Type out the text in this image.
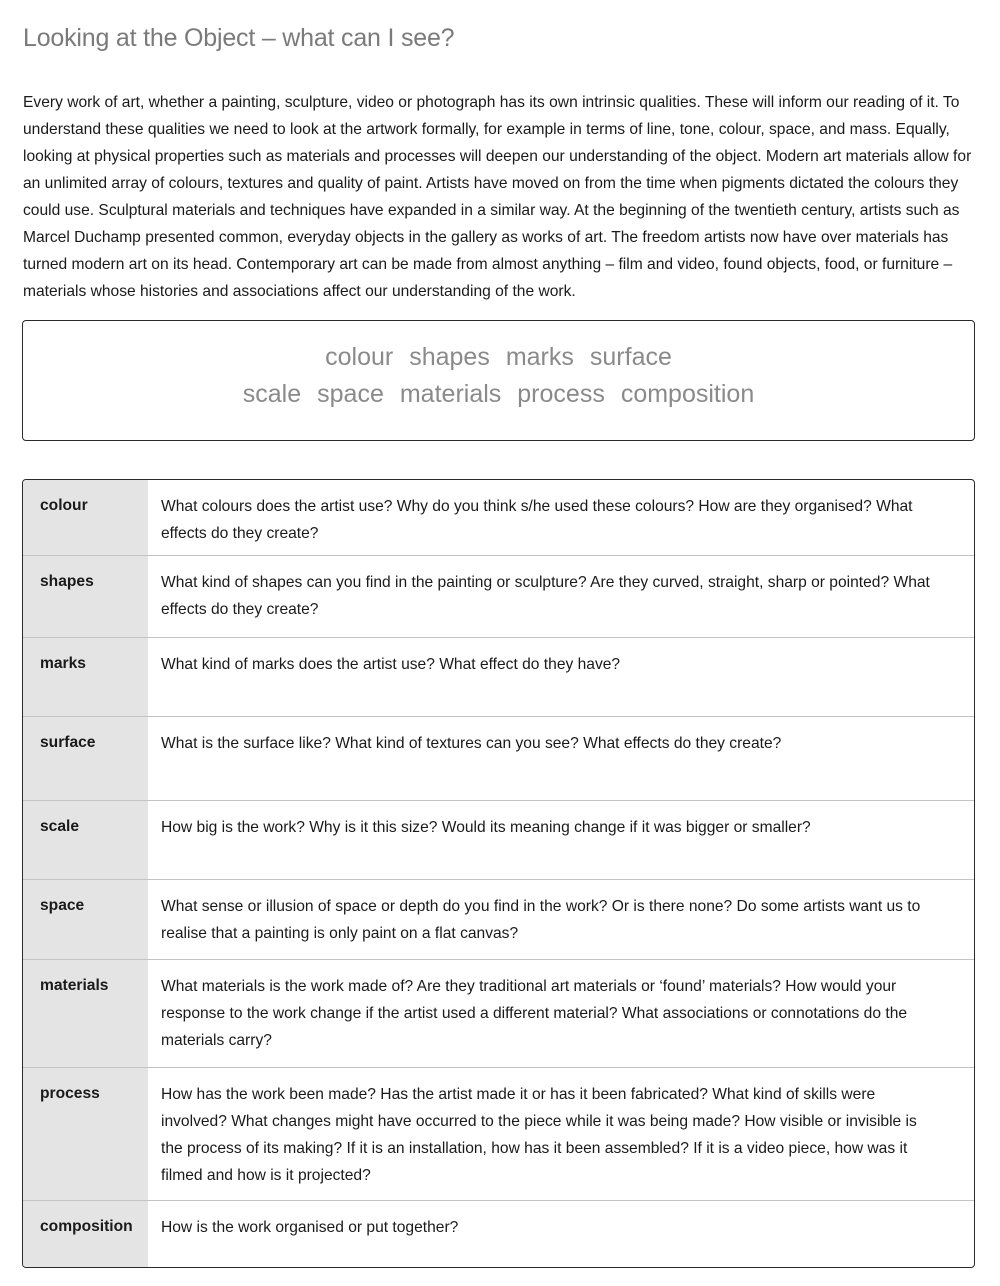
Looking at the Object – what can I see?

Every work of art, whether a painting, sculpture, video or photograph has its own intrinsic qualities. These will inform our reading of it. To understand these qualities we need to look at the artwork formally, for example in terms of line, tone, colour, space, and mass. Equally, looking at physical properties such as materials and processes will deepen our understanding of the object. Modern art materials allow for an unlimited array of colours, textures and quality of paint. Artists have moved on from the time when pigments dictated the colours they could use. Sculptural materials and techniques have expanded in a similar way. At the beginning of the twentieth century, artists such as Marcel Duchamp presented common, everyday objects in the gallery as works of art. The freedom artists now have over materials has turned modern art on its head. Contemporary art can be made from almost anything – film and video, found objects, food, or furniture – materials whose histories and associations affect our understanding of the work.

colour shapes marks surface
scale space materials process composition
colour	What colours does the artist use? Why do you think s/he used these colours? How are they organised? What effects do they create?
shapes	What kind of shapes can you find in the painting or sculpture? Are they curved, straight, sharp or pointed? What effects do they create?
marks	What kind of marks does the artist use? What effect do they have?
surface	What is the surface like? What kind of textures can you see? What effects do they create?
scale	How big is the work? Why is it this size? Would its meaning change if it was bigger or smaller?
space	What sense or illusion of space or depth do you find in the work? Or is there none? Do some artists want us to realise that a painting is only paint on a flat canvas?
materials	What materials is the work made of? Are they traditional art materials or ‘found’ materials? How would your response to the work change if the artist used a different material? What associations or connotations do the materials carry?
process	How has the work been made? Has the artist made it or has it been fabricated? What kind of skills were involved? What changes might have occurred to the piece while it was being made? How visible or invisible is the process of its making? If it is an installation, how has it been assembled? If it is a video piece, how was it filmed and how is it projected?
composition	How is the work organised or put together?
